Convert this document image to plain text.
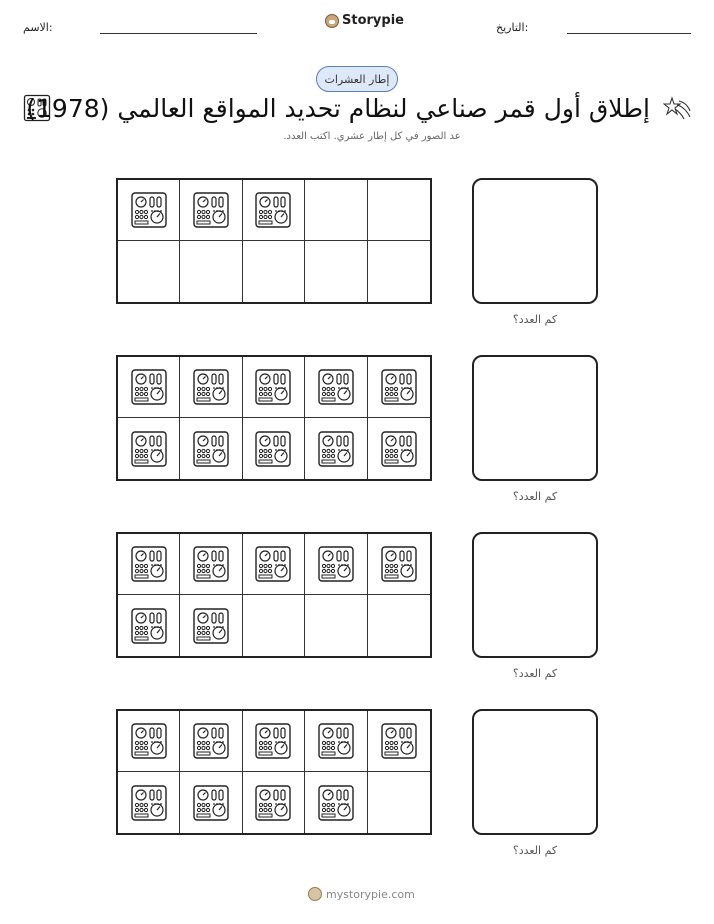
الاسم:	Storypie	التاريخ:
إطار العشرات
إطلاق أول قمر صناعي لنظام تحديد المواقع العالمي (1978)
عد الصور في كل إطار عشري. اكتب العدد.
كم العدد؟
كم العدد؟
كم العدد؟
كم العدد؟
mystorypie.com
